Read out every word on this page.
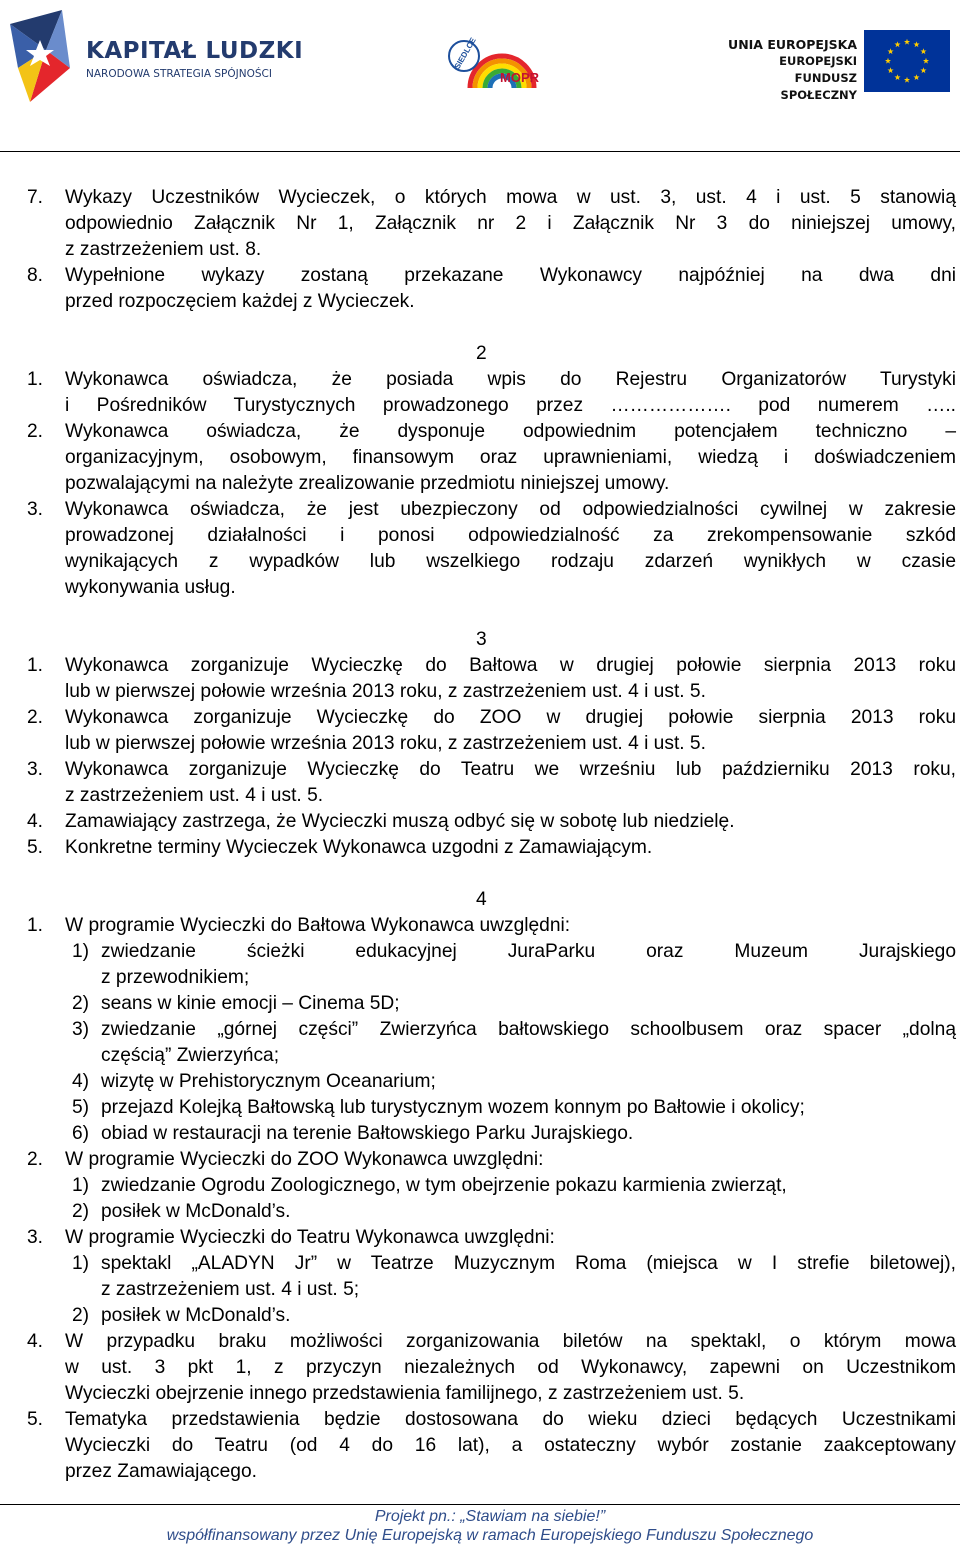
KAPITAŁ LUDZKI
NARODOWA STRATEGIA SPÓJNOŚCI
SIEDLCE
MOPR
UNIA EUROPEJSKA
EUROPEJSKI
FUNDUSZ SPOŁECZNY
7. Wykazy Uczestników Wycieczek, o których mowa w ust. 3, ust. 4 i ust. 5 stanowią
odpowiednio Załącznik Nr 1, Załącznik nr 2 i Załącznik Nr 3 do niniejszej umowy,
z zastrzeżeniem ust. 8.
8. Wypełnione wykazy zostaną przekazane Wykonawcy najpóźniej na dwa dni
przed rozpoczęciem każdej z Wycieczek.
2
1. Wykonawca oświadcza, że posiada wpis do Rejestru Organizatorów Turystyki
i Pośredników Turystycznych prowadzonego przez ………………. pod numerem …..
2. Wykonawca oświadcza, że dysponuje odpowiednim potencjałem techniczno –
organizacyjnym, osobowym, finansowym oraz uprawnieniami, wiedzą i doświadczeniem
pozwalającymi na należyte zrealizowanie przedmiotu niniejszej umowy.
3. Wykonawca oświadcza, że jest ubezpieczony od odpowiedzialności cywilnej w zakresie
prowadzonej działalności i ponosi odpowiedzialność za zrekompensowanie szkód
wynikających z wypadków lub wszelkiego rodzaju zdarzeń wynikłych w czasie
wykonywania usług.
3
1. Wykonawca zorganizuje Wycieczkę do Bałtowa w drugiej połowie sierpnia 2013 roku
lub w pierwszej połowie września 2013 roku, z zastrzeżeniem ust. 4 i ust. 5.
2. Wykonawca zorganizuje Wycieczkę do ZOO w drugiej połowie sierpnia 2013 roku
lub w pierwszej połowie września 2013 roku, z zastrzeżeniem ust. 4 i ust. 5.
3. Wykonawca zorganizuje Wycieczkę do Teatru we wrześniu lub październiku 2013 roku,
z zastrzeżeniem ust. 4 i ust. 5.
4. Zamawiający zastrzega, że Wycieczki muszą odbyć się w sobotę lub niedzielę.
5. Konkretne terminy Wycieczek Wykonawca uzgodni z Zamawiającym.
4
1. W programie Wycieczki do Bałtowa Wykonawca uwzględni:
1) zwiedzanie ścieżki edukacyjnej JuraParku oraz Muzeum Jurajskiego
z przewodnikiem;
2) seans w kinie emocji – Cinema 5D;
3) zwiedzanie „górnej części” Zwierzyńca bałtowskiego schoolbusem oraz spacer „dolną
częścią” Zwierzyńca;
4) wizytę w Prehistorycznym Oceanarium;
5) przejazd Kolejką Bałtowską lub turystycznym wozem konnym po Bałtowie i okolicy;
6) obiad w restauracji na terenie Bałtowskiego Parku Jurajskiego.
2. W programie Wycieczki do ZOO Wykonawca uwzględni:
1) zwiedzanie Ogrodu Zoologicznego, w tym obejrzenie pokazu karmienia zwierząt,
2) posiłek w McDonald’s.
3. W programie Wycieczki do Teatru Wykonawca uwzględni:
1) spektakl „ALADYN Jr” w Teatrze Muzycznym Roma (miejsca w I strefie biletowej),
z zastrzeżeniem ust. 4 i ust. 5;
2) posiłek w McDonald’s.
4. W przypadku braku możliwości zorganizowania biletów na spektakl, o którym mowa
w ust. 3 pkt 1, z przyczyn niezależnych od Wykonawcy, zapewni on Uczestnikom
Wycieczki obejrzenie innego przedstawienia familijnego, z zastrzeżeniem ust. 5.
5. Tematyka przedstawienia będzie dostosowana do wieku dzieci będących Uczestnikami
Wycieczki do Teatru (od 4 do 16 lat), a ostateczny wybór zostanie zaakceptowany
przez Zamawiającego.
Projekt pn.: „Stawiam na siebie!”
współfinansowany przez Unię Europejską w ramach Europejskiego Funduszu Społecznego
